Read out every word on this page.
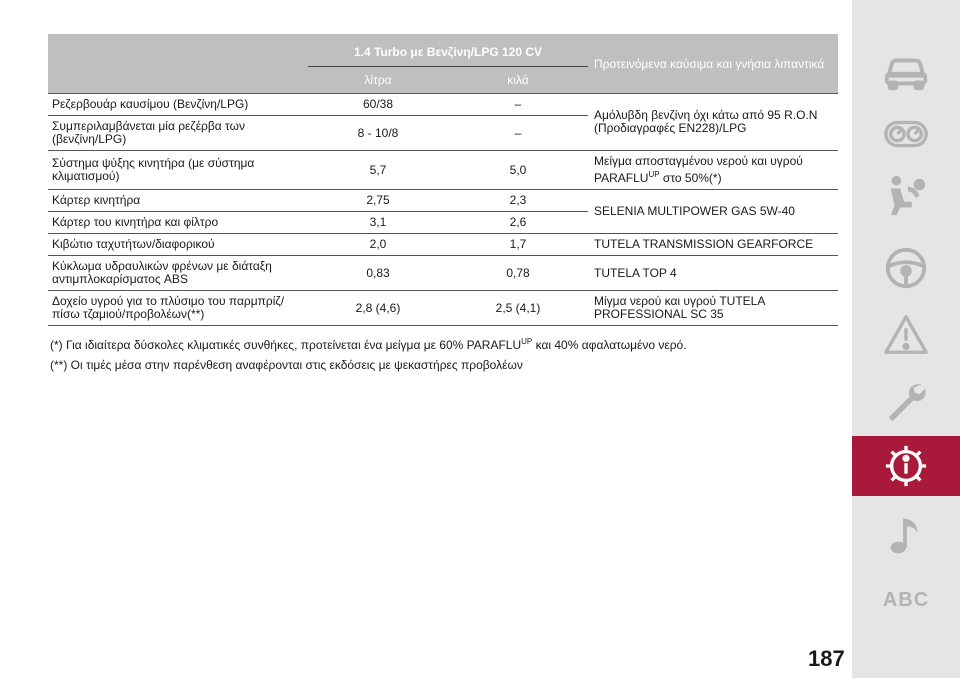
	1.4 Turbo με Βενζίνη/LPG 120 CV		Προτεινόμενα καύσιμα και γνήσια λιπαντικά
	λίτρα	κιλά	
Ρεζερβουάρ καυσίμου (Βενζίνη/LPG)	60/38	–	Αμόλυβδη βενζίνη όχι κάτω από 95 R.O.N (Προδιαγραφές EN228)/LPG
Συμπεριλαμβάνεται μία ρεζέρβα των (βενζίνη/LPG)	8 - 10/8	–	
Σύστημα ψύξης κινητήρα (με σύστημα κλιματισμού)	5,7	5,0	Μείγμα αποσταγμένου νερού και υγρού $PARAFLU^{UP}$ στο 50%(*)
Κάρτερ κινητήρα	2,75	2,3	SELENIA MULTIPOWER GAS 5W-40
Κάρτερ του κινητήρα και φίλτρο	3,1	2,6	
Κιβώτιο ταχυτήτων/διαφορικού	2,0	1,7	TUTELA TRANSMISSION GEARFORCE
Κύκλωμα υδραυλικών φρένων με διάταξη αντιμπλοκαρίσματος ABS	0,83	0,78	TUTELA TOP 4
Δοχείο υγρού για το πλύσιμο του παρμπρίζ/πίσω τζαμιού/προβολέων(**)	2,8 (4,6)	2,5 (4,1)	Μίγμα νερού και υγρού TUTELA PROFESSIONAL SC 35
(*) Για ιδιαίτερα δύσκολες κλιματικές συνθήκες, προτείνεται ένα μείγμα με 60% $PARAFLU^{UP}$ και 40% αφαλατωμένο νερό.
(**) Οι τιμές μέσα στην παρένθεση αναφέρονται στις εκδόσεις με ψεκαστήρες προβολέων
ABC
187
